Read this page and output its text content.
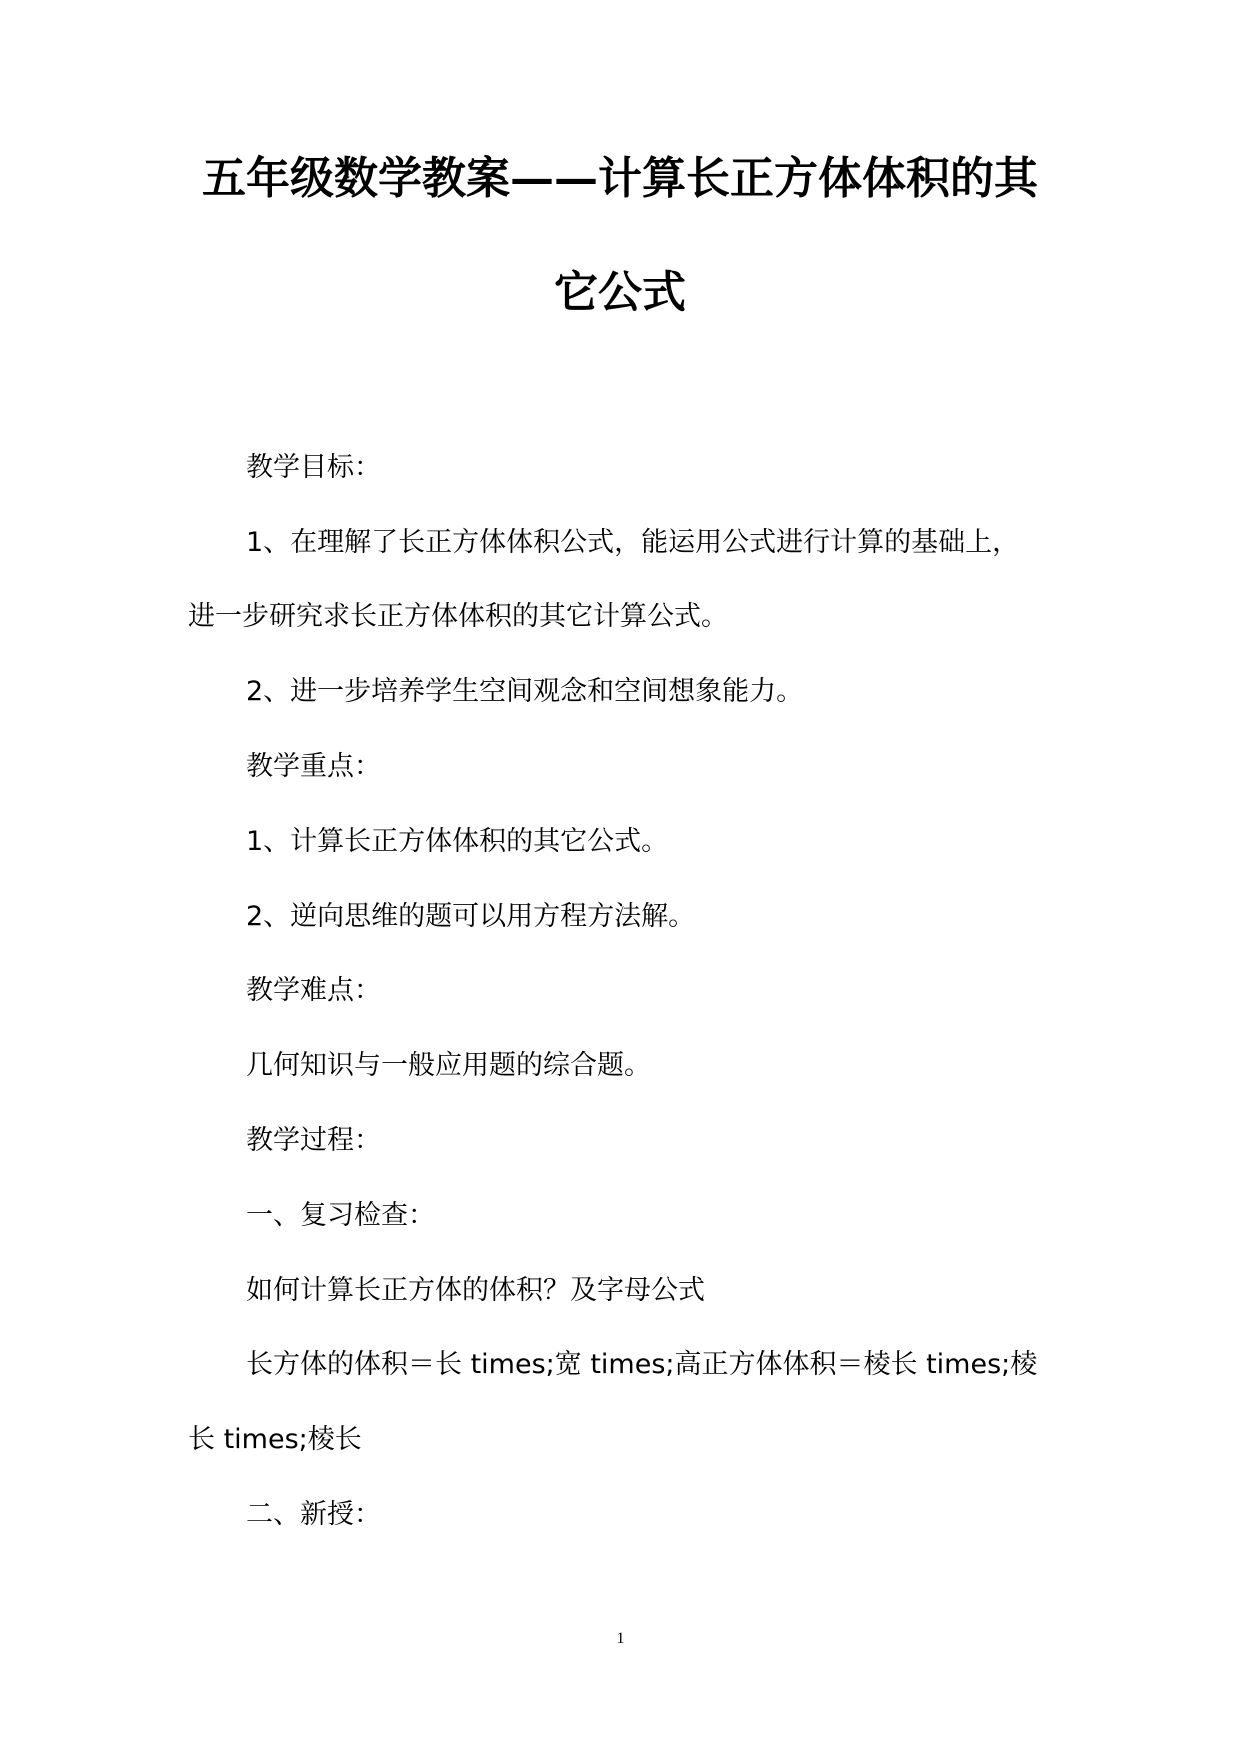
五年级数学教案——计算长正方体体积的其
它公式
教学目标：
1、在理解了长正方体体积公式，能运用公式进行计算的基础上，
进一步研究求长正方体体积的其它计算公式。
2、进一步培养学生空间观念和空间想象能力。
教学重点：
1、计算长正方体体积的其它公式。
2、逆向思维的题可以用方程方法解。
教学难点：
几何知识与一般应用题的综合题。
教学过程：
一、复习检查：
如何计算长正方体的体积？及字母公式
长方体的体积＝长 times;宽 times;高正方体体积＝棱长 times;棱
长 times;棱长
二、新授：
1
